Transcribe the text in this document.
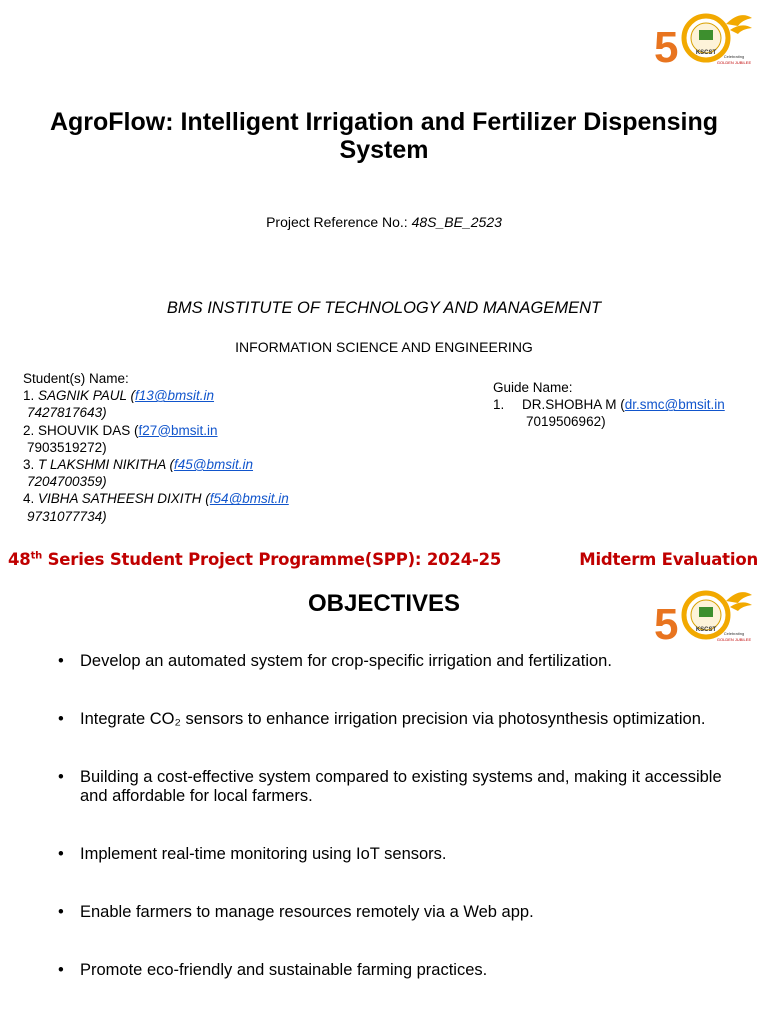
5	KSCST
Celebrating
GOLDEN JUBILEE
AgroFlow: Intelligent Irrigation and Fertilizer Dispensing System
Project Reference No.: 48S_BE_2523
BMS INSTITUTE OF TECHNOLOGY AND MANAGEMENT
INFORMATION SCIENCE AND ENGINEERING
Student(s) Name:
1. SAGNIK PAUL (f13@bmsit.in
7427817643)
2. SHOUVIK DAS (f27@bmsit.in
7903519272)
3. T LAKSHMI NIKITHA (f45@bmsit.in
7204700359)
4. VIBHA SATHEESH DIXITH (f54@bmsit.in
9731077734)
Guide Name:
1. DR.SHOBHA M (dr.smc@bmsit.in
7019506962)
48th Series Student Project Programme(SPP): 2024-25	Midterm Evaluation
5	KSCST
Celebrating
GOLDEN JUBILEE
OBJECTIVES
• Develop an automated system for crop-specific irrigation and fertilization.
• Integrate CO₂ sensors to enhance irrigation precision via photosynthesis optimization.
• Building a cost-effective system compared to existing systems and, making it accessible and affordable for local farmers.
• Implement real-time monitoring using IoT sensors.
• Enable farmers to manage resources remotely via a Web app.
• Promote eco-friendly and sustainable farming practices.
